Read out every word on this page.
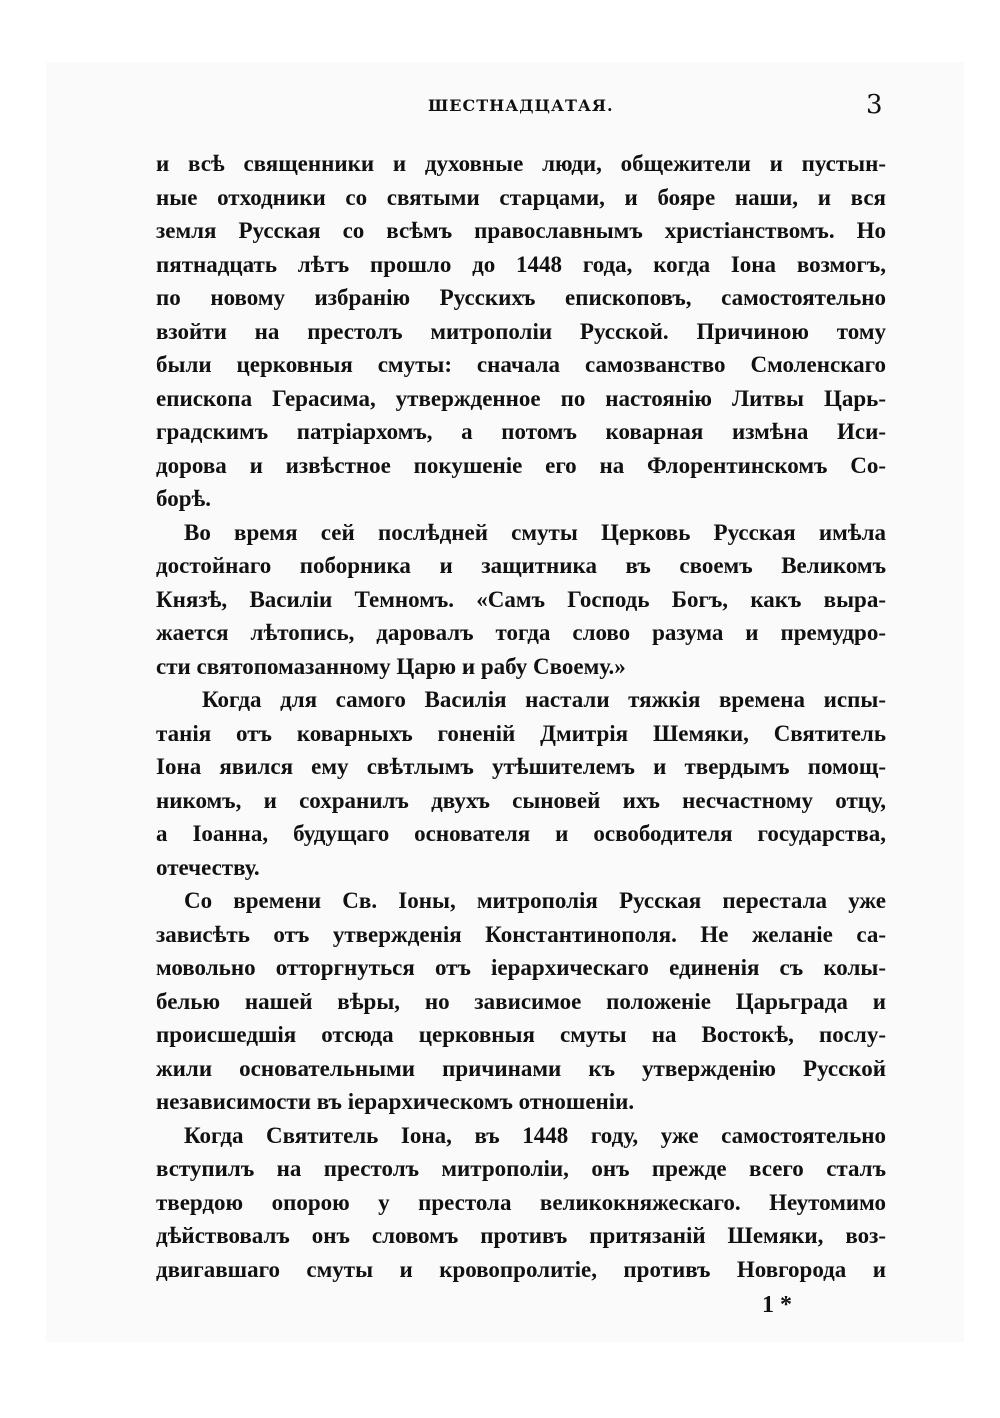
ШЕСТНАДЦАТАЯ.	3
и всѣ священники и духовные люди, общежители и пустын-
ные отходники со святыми старцами, и бояре наши, и вся
земля Русская со всѣмъ православнымъ христіанствомъ. Но
пятнадцать лѣтъ прошло до 1448 года, когда Іона возмогъ,
по новому избранію Русскихъ епископовъ, самостоятельно
взойти на престолъ митрополіи Русской. Причиною тому
были церковныя смуты: сначала самозванство Смоленскаго
епископа Герасима, утвержденное по настоянію Литвы Царь-
градскимъ патріархомъ, а потомъ коварная измѣна Иси-
дорова и извѣстное покушеніе его на Флорентинскомъ Со-
борѣ.
Во время сей послѣдней смуты Церковь Русская имѣла
достойнаго поборника и защитника въ своемъ Великомъ
Князѣ, Василіи Темномъ. «Самъ Господь Богъ, какъ выра-
жается лѣтопись, даровалъ тогда слово разума и премудро-
сти святопомазанному Царю и рабу Своему.»
Когда для самого Василія настали тяжкія времена испы-
танія отъ коварныхъ гоненій Дмитрія Шемяки, Святитель
Іона явился ему свѣтлымъ утѣшителемъ и твердымъ помощ-
никомъ, и сохранилъ двухъ сыновей ихъ несчастному отцу,
а Іоанна, будущаго основателя и освободителя государства,
отечеству.
Со времени Св. Іоны, митрополія Русская перестала уже
зависѣть отъ утвержденія Константинополя. Не желаніе са-
мовольно отторгнуться отъ іерархическаго единенія съ колы-
белью нашей вѣры, но зависимое положеніе Царьграда и
происшедшія отсюда церковныя смуты на Востокѣ, послу-
жили основательными причинами къ утвержденію Русской
независимости въ іерархическомъ отношеніи.
Когда Святитель Іона, въ 1448 году, уже самостоятельно
вступилъ на престолъ митрополіи, онъ прежде всего сталъ
твердою опорою у престола великокняжескаго. Неутомимо
дѣйствовалъ онъ словомъ противъ притязаній Шемяки, воз-
двигавшаго смуты и кровопролитіе, противъ Новгорода и
1 *
